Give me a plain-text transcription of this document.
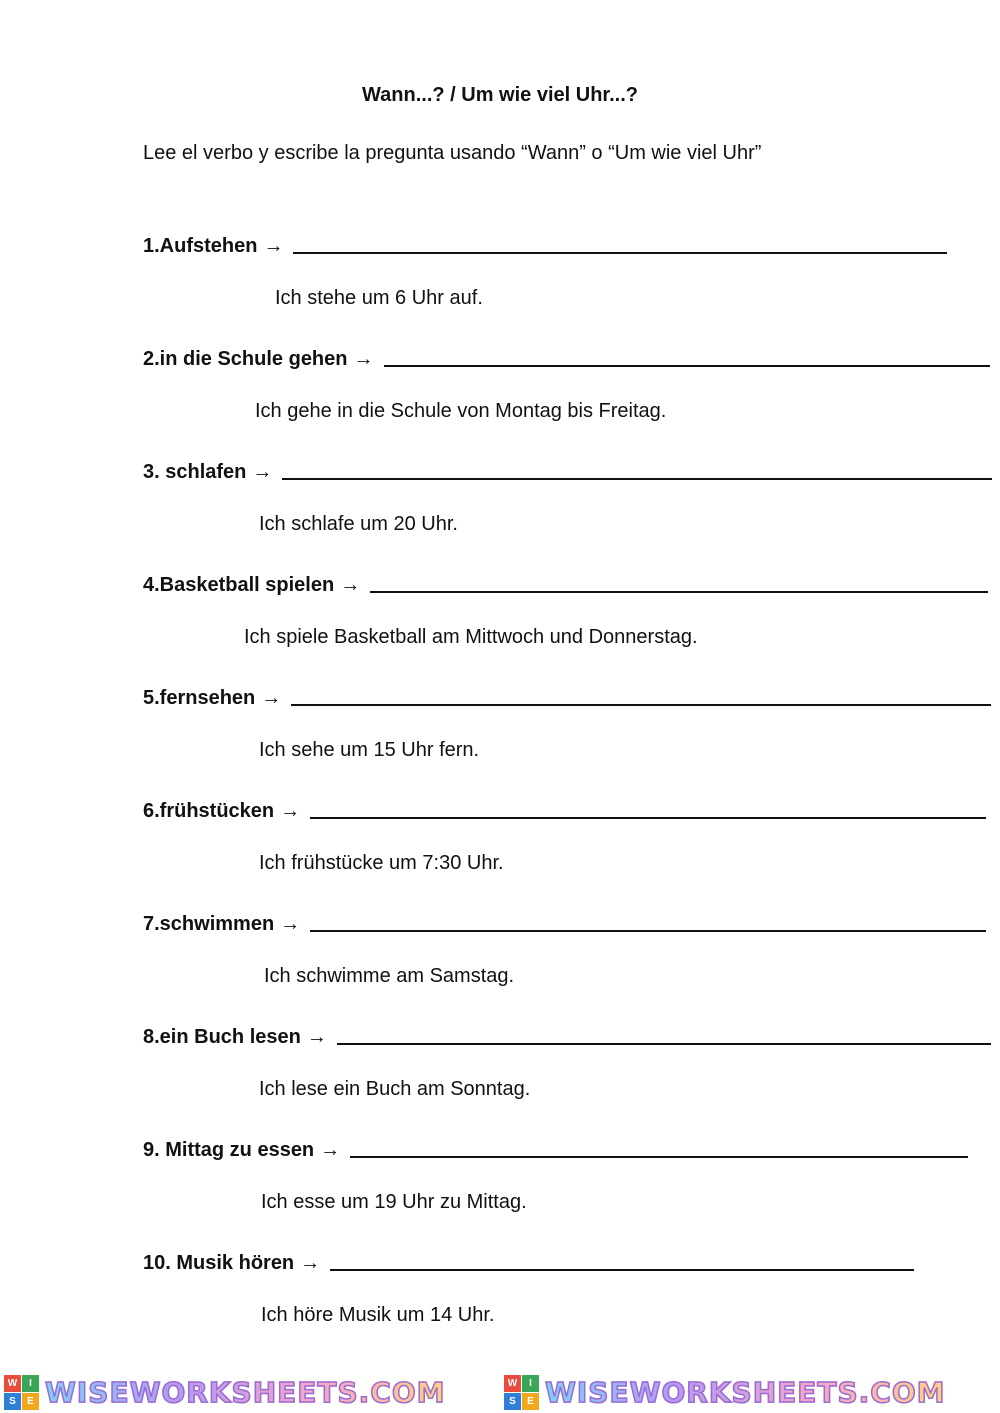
Wann...? / Um wie viel Uhr...?
Lee el verbo y escribe la pregunta usando “Wann” o “Um wie viel Uhr”
1.Aufstehen →
Ich stehe um 6 Uhr auf.
2.in die Schule gehen →
Ich gehe in die Schule von Montag bis Freitag.
3. schlafen →
Ich schlafe um 20 Uhr.
4.Basketball spielen →
Ich spiele Basketball am Mittwoch und Donnerstag.
5.fernsehen →
Ich sehe um 15 Uhr fern.
6.frühstücken →
Ich frühstücke um 7:30 Uhr.
7.schwimmen →
Ich schwimme am Samstag.
8.ein Buch lesen →
Ich lese ein Buch am Sonntag.
9. Mittag zu essen →
Ich esse um 19 Uhr zu Mittag.
10. Musik hören →
Ich höre Musik um 14 Uhr.
W	I
S	E WISEWORKSHEETS.COM	W	I
S	E WISEWORKSHEETS.COM
